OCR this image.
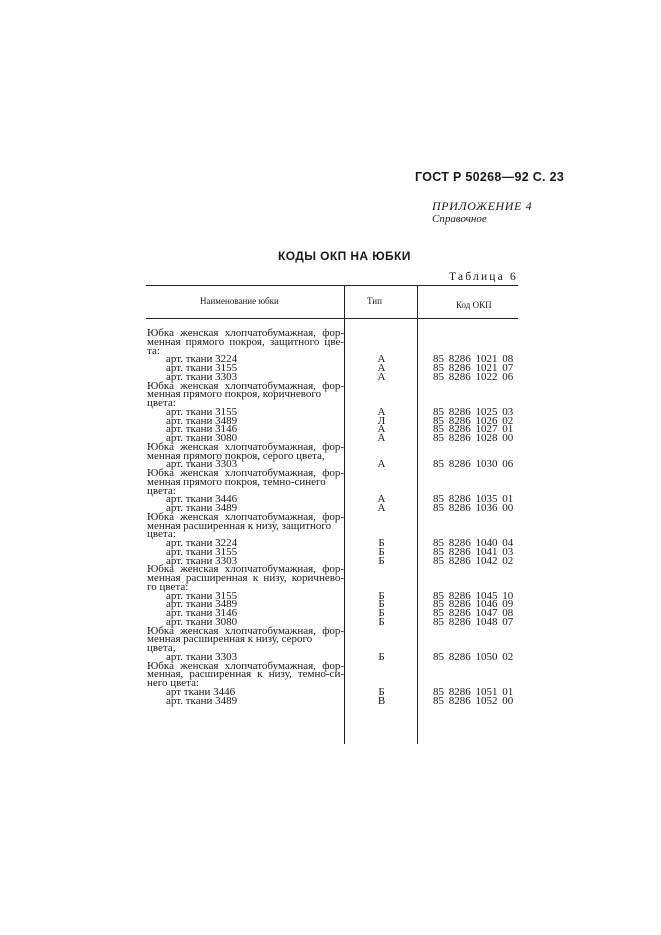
ГОСТ Р 50268—92 С. 23
ПРИЛОЖЕНИЕ 4
Справочное
КОДЫ ОКП НА ЮБКИ
Таблица 6
Наименование юбки	Тип	Код ОКП
Юбка женская хлопчатобумажная, фор-
менная прямого покроя, защитного цве-
та:
арт. ткани 3224	А	85 8286 1021 08
арт. ткани 3155	А	85 8286 1021 07
арт. ткани 3303	А	85 8286 1022 06
Юбка женская хлопчатобумажная, фор-
менная прямого покроя, коричневого
цвета:
арт. ткани 3155	А	85 8286 1025 03
арт. ткани 3489	Л	85 8286 1026 02
арт. ткани 3146	А	85 8286 1027 01
арт. ткани 3080	А	85 8286 1028 00
Юбка женская хлопчатобумажная, фор-
менная прямого покроя, серого цвета,
арт. ткани 3303	А	85 8286 1030 06
Юбка женская хлопчатобумажная, фор-
менная прямого покроя, темно-синего
цвета:
арт. ткани 3446	А	85 8286 1035 01
арт. ткани 3489	А	85 8286 1036 00
Юбка женская хлопчатобумажная, фор-
менная расширенная к низу, защитного
цвета:
арт. ткани 3224	Б	85 8286 1040 04
арт. ткани 3155	Б	85 8286 1041 03
арт. ткани 3303	Б	85 8286 1042 02
Юбка женская хлопчатобумажная, фор-
менная расширенная к низу, коричнево-
го цвета:
арт. ткани 3155	Б	85 8286 1045 10
арт. ткани 3489	Б	85 8286 1046 09
арт. ткани 3146	Б	85 8286 1047 08
арт. ткани 3080	Б	85 8286 1048 07
Юбка женская хлопчатобумажная, фор-
менная расширенная к низу, серого
цвета,
арт. ткани 3303	Б	85 8286 1050 02
Юбка женская хлопчатобумажная, фор-
менная, расширенная к низу, темно-си-
него цвета:
арт ткани 3446	Б	85 8286 1051 01
арт. ткани 3489	В	85 8286 1052 00
